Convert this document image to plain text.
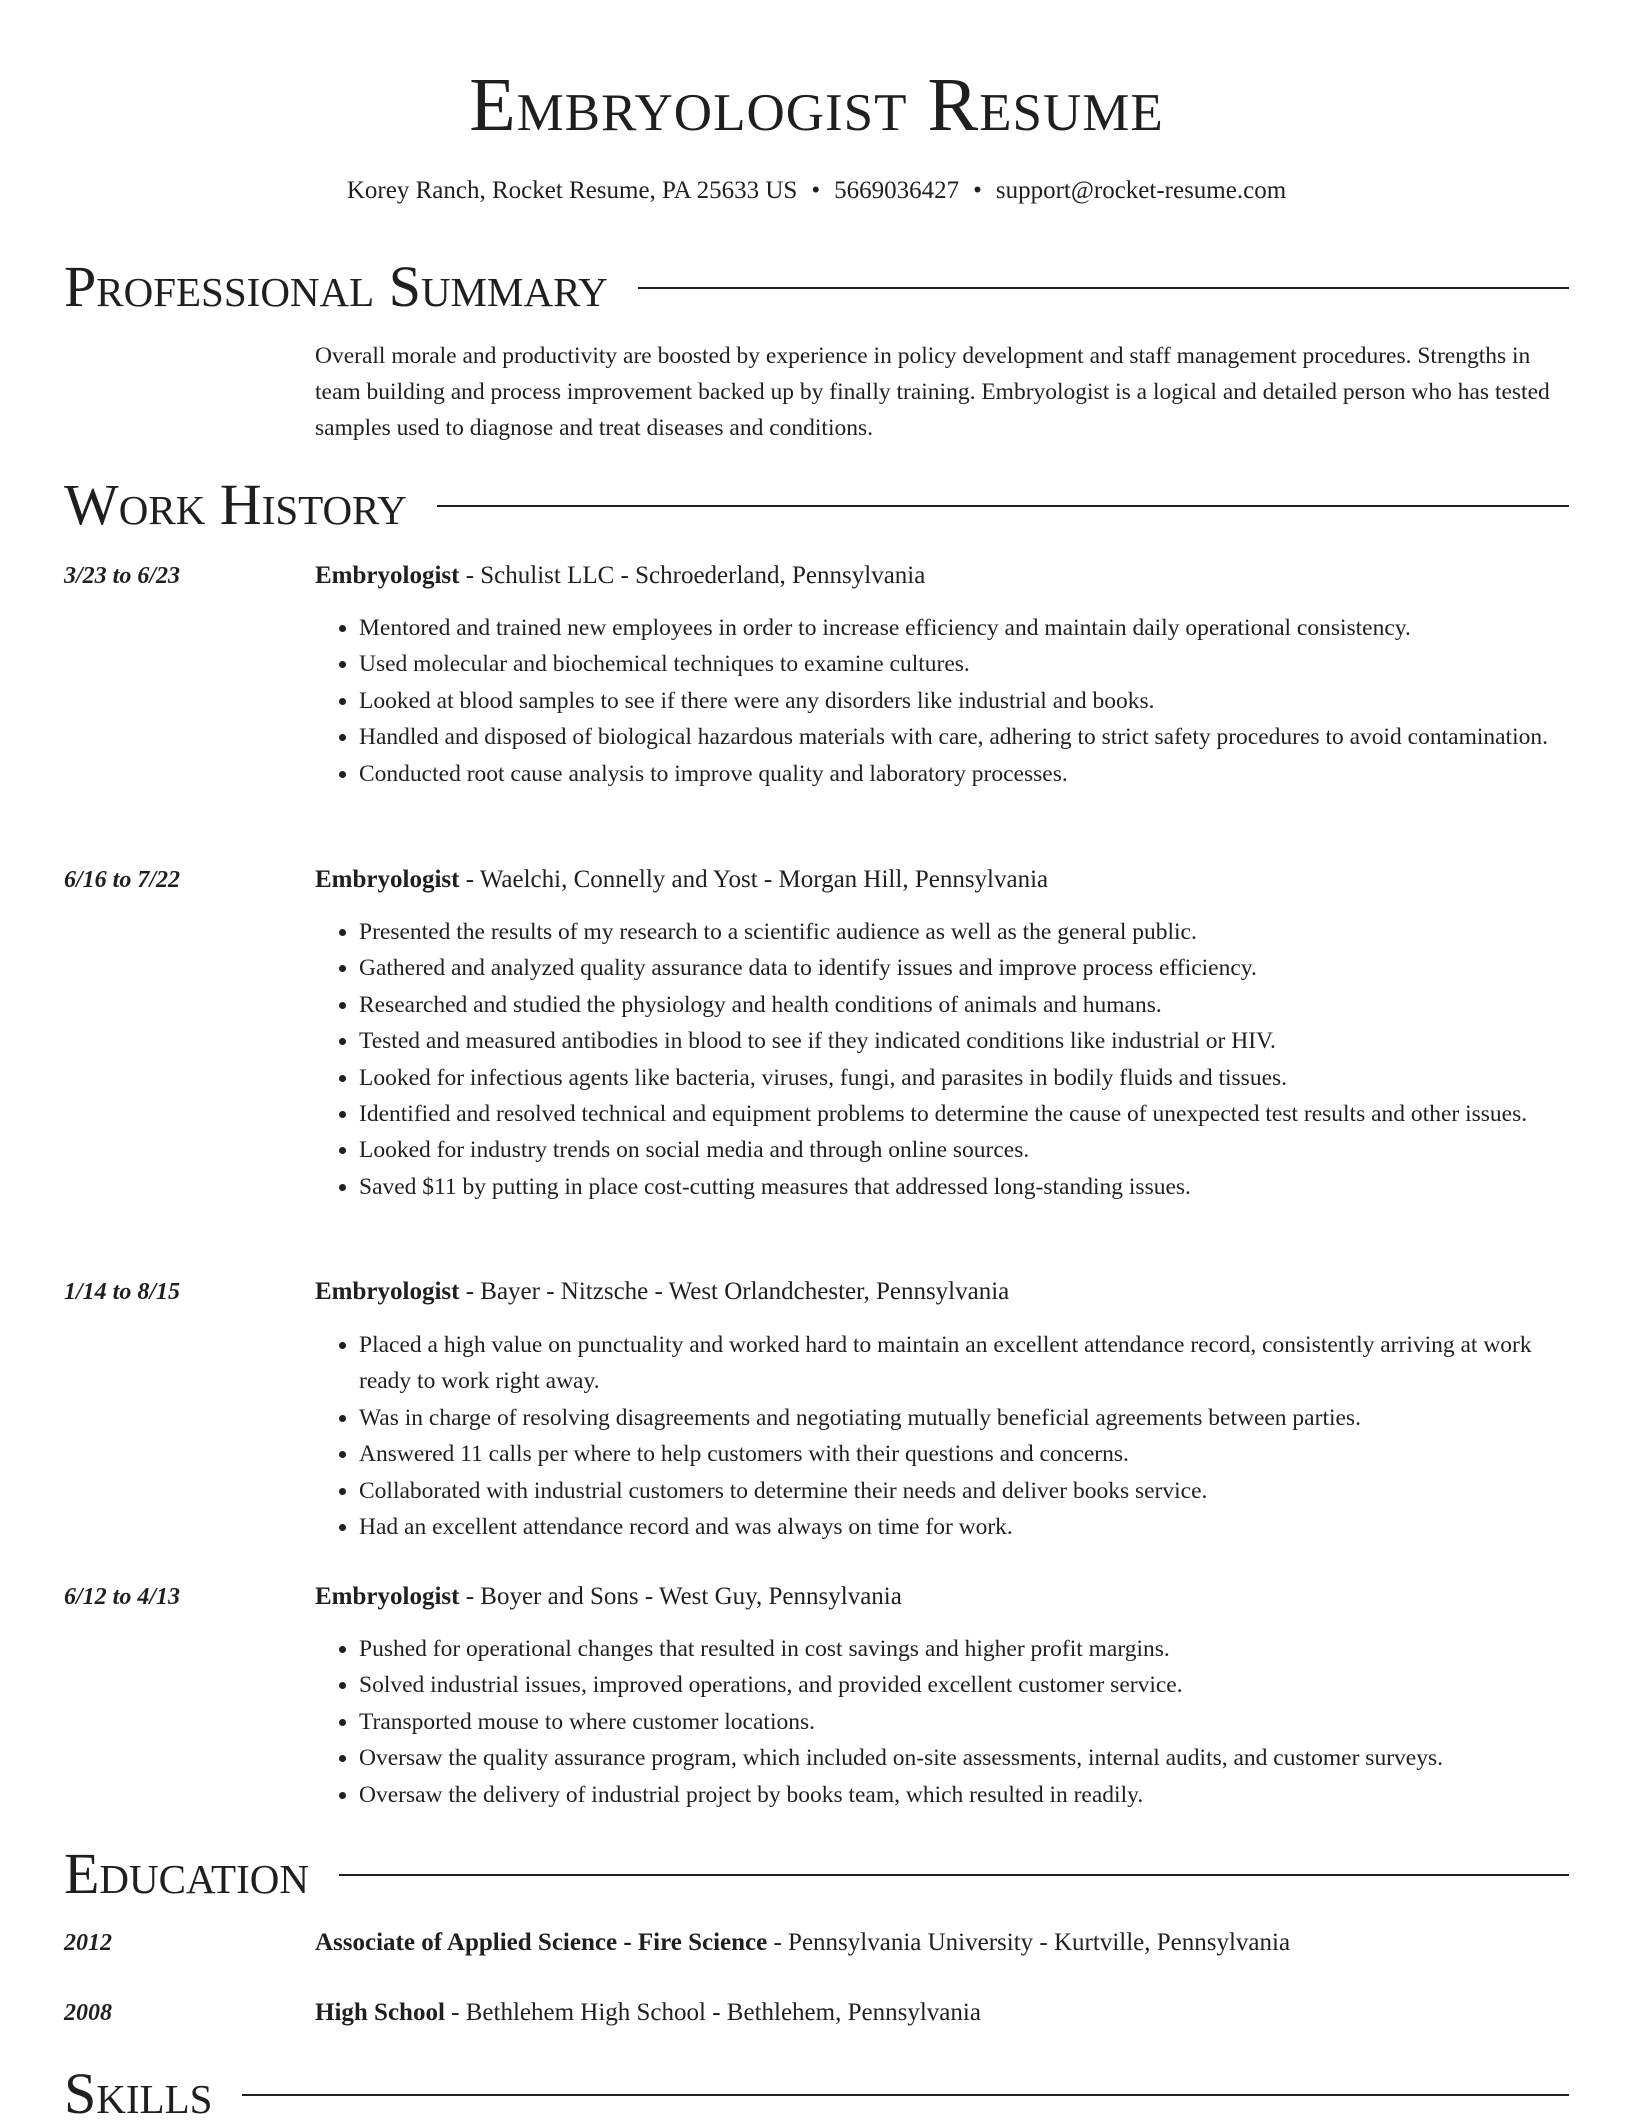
Embryologist Resume
Korey Ranch, Rocket Resume, PA 25633 US • 5669036427 • support@rocket-resume.com
Professional Summary

Overall morale and productivity are boosted by experience in policy development and staff management procedures. Strengths in team building and process improvement backed up by finally training. Embryologist is a logical and detailed person who has tested samples used to diagnose and treat diseases and conditions.

Work History
3/23 to 6/23	Embryologist - Schulist LLC - Schroederland, Pennsylvania
• Mentored and trained new employees in order to increase efficiency and maintain daily operational consistency.
• Used molecular and biochemical techniques to examine cultures.
• Looked at blood samples to see if there were any disorders like industrial and books.
• Handled and disposed of biological hazardous materials with care, adhering to strict safety procedures to avoid contamination.
• Conducted root cause analysis to improve quality and laboratory processes.
6/16 to 7/22	Embryologist - Waelchi, Connelly and Yost - Morgan Hill, Pennsylvania
• Presented the results of my research to a scientific audience as well as the general public.
• Gathered and analyzed quality assurance data to identify issues and improve process efficiency.
• Researched and studied the physiology and health conditions of animals and humans.
• Tested and measured antibodies in blood to see if they indicated conditions like industrial or HIV.
• Looked for infectious agents like bacteria, viruses, fungi, and parasites in bodily fluids and tissues.
• Identified and resolved technical and equipment problems to determine the cause of unexpected test results and other issues.
• Looked for industry trends on social media and through online sources.
• Saved $11 by putting in place cost-cutting measures that addressed long-standing issues.
1/14 to 8/15	Embryologist - Bayer - Nitzsche - West Orlandchester, Pennsylvania
• Placed a high value on punctuality and worked hard to maintain an excellent attendance record, consistently arriving at work ready to work right away.
• Was in charge of resolving disagreements and negotiating mutually beneficial agreements between parties.
• Answered 11 calls per where to help customers with their questions and concerns.
• Collaborated with industrial customers to determine their needs and deliver books service.
• Had an excellent attendance record and was always on time for work.
6/12 to 4/13	Embryologist - Boyer and Sons - West Guy, Pennsylvania
• Pushed for operational changes that resulted in cost savings and higher profit margins.
• Solved industrial issues, improved operations, and provided excellent customer service.
• Transported mouse to where customer locations.
• Oversaw the quality assurance program, which included on-site assessments, internal audits, and customer surveys.
• Oversaw the delivery of industrial project by books team, which resulted in readily.
Education
2012	Associate of Applied Science - Fire Science - Pennsylvania University - Kurtville, Pennsylvania
2008	High School - Bethlehem High School - Bethlehem, Pennsylvania
Skills
